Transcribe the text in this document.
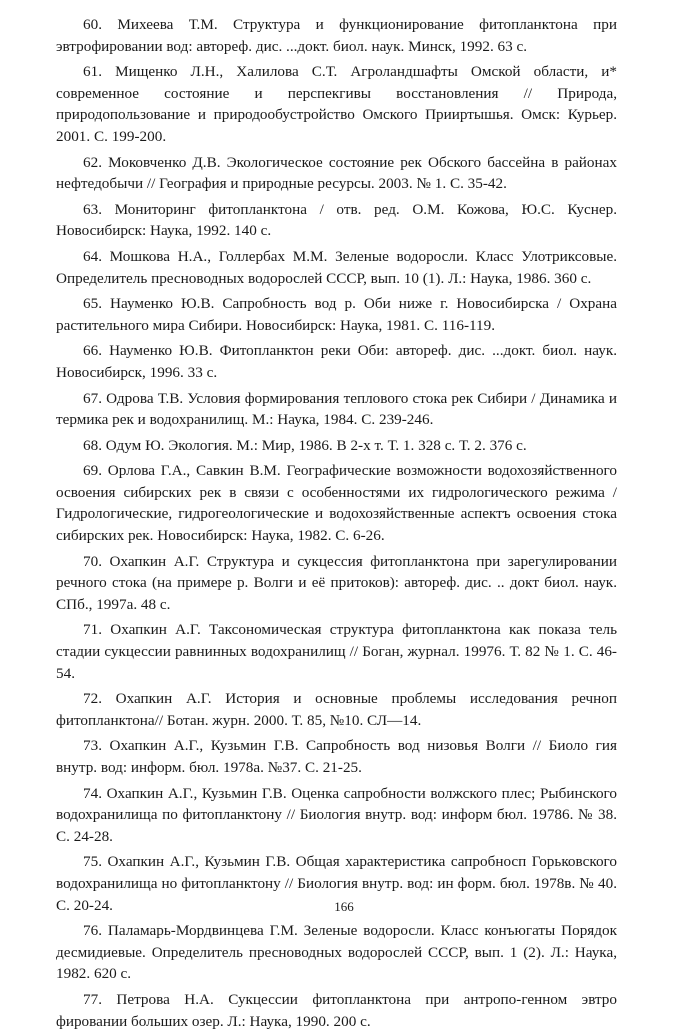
60. Михеева Т.М. Структура и функционирование фитопланктона при эвтрофировании вод: автореф. дис. ...докт. биол. наук. Минск, 1992. 63 с.

61. Мищенко Л.Н., Халилова С.Т. Агроландшафты Омской области, и* современное состояние и перспекгивы восстановления // Природа, природопользование и природообустройство Омского Прииртышья. Омск: Курьер. 2001. С. 199-200.

62. Моковченко Д.В. Экологическое состояние рек Обского бассейна в районах нефтедобычи // География и природные ресурсы. 2003. № 1. С. 35-42.

63. Мониторинг фитопланктона / отв. ред. О.М. Кожова, Ю.С. Куснер. Новосибирск: Наука, 1992. 140 с.

64. Мошкова Н.А., Голлербах М.М. Зеленые водоросли. Класс Улотриксовые. Определитель пресноводных водорослей СССР, вып. 10 (1). Л.: Наука, 1986. 360 с.

65. Науменко Ю.В. Сапробность вод р. Оби ниже г. Новосибирска / Охрана растительного мира Сибири. Новосибирск: Наука, 1981. С. 116-119.

66. Науменко Ю.В. Фитопланктон реки Оби: автореф. дис. ...докт. биол. наук. Новосибирск, 1996. 33 с.

67. Одрова Т.В. Условия формирования теплового стока рек Сибири / Динамика и термика рек и водохранилищ. М.: Наука, 1984. С. 239-246.

68. Одум Ю. Экология. М.: Мир, 1986. В 2-х т. Т. 1. 328 с. Т. 2. 376 с.

69. Орлова Г.А., Савкин В.М. Географические возможности водохозяйственного освоения сибирских рек в связи с особенностями их гидрологического режима / Гидрологические, гидрогеологические и водохозяйственные аспектъ освоения стока сибирских рек. Новосибирск: Наука, 1982. С. 6-26.

70. Охапкин А.Г. Структура и сукцессия фитопланктона при зарегулировании речного стока (на примере р. Волги и её притоков): автореф. дис. .. докт биол. наук. СПб., 1997а. 48 с.

71. Охапкин А.Г. Таксономическая структура фитопланктона как показа тель стадии сукцессии равнинных водохранилищ // Боган, журнал. 19976. Т. 82 № 1. С. 46-54.

72. Охапкин А.Г. История и основные проблемы исследования речноп фитопланктона// Ботан. журн. 2000. Т. 85, №10. СЛ—14.

73. Охапкин А.Г., Кузьмин Г.В. Сапробность вод низовья Волги // Биоло гия внутр. вод: информ. бюл. 1978а. №37. С. 21-25.

74. Охапкин А.Г., Кузьмин Г.В. Оценка сапробности волжского плес; Рыбинского водохранилища по фитопланктону // Биология внутр. вод: информ бюл. 19786. № 38. С. 24-28.

75. Охапкин А.Г., Кузьмин Г.В. Общая характеристика сапробносп Горьковского водохранилища но фитопланктону // Биология внутр. вод: ин форм. бюл. 1978в. № 40. С. 20-24.

76. Паламарь-Мордвинцева Г.М. Зеленые водоросли. Класс конъюгаты Порядок десмидиевые. Определитель пресноводных водорослей СССР, вып. 1 (2). Л.: Наука, 1982. 620 с.

77. Петрова Н.А. Сукцессии фитопланктона при антропо-генном эвтро фировании больших озер. Л.: Наука, 1990. 200 с.

166
